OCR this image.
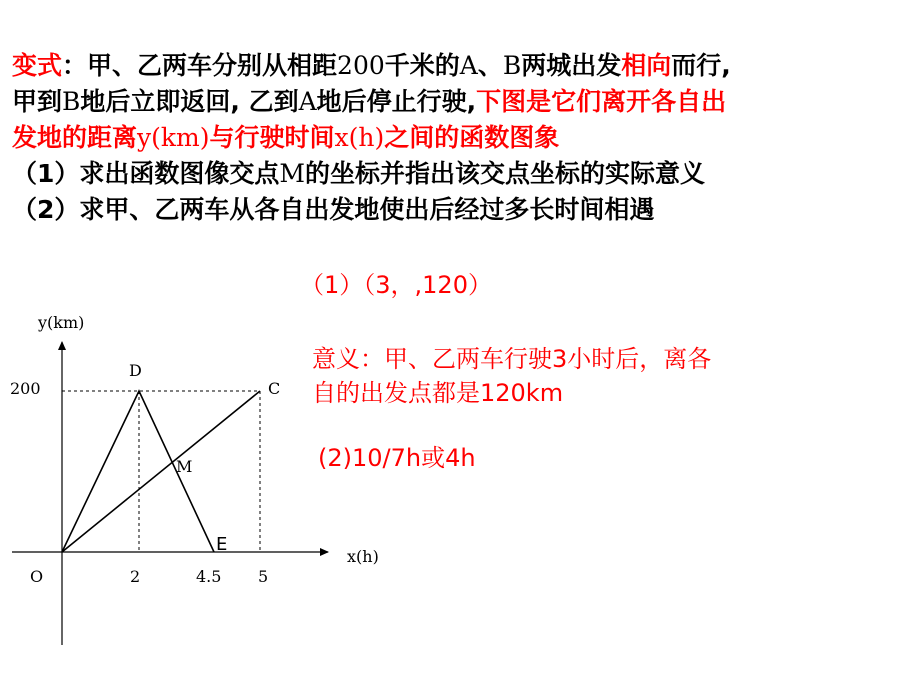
变式：甲、乙两车分别从相距200千米的A、B两城出发相向而行,
甲到B地后立即返回, 乙到A地后停止行驶,下图是它们离开各自出
发地的距离y(km)与行驶时间x(h)之间的函数图象
（1）求出函数图像交点M的坐标并指出该交点坐标的实际意义
（2）求甲、乙两车从各自出发地使出后经过多长时间相遇
（1）（3，,120）
意义：甲、乙两车行驶3小时后，离各
自的出发点都是120km
(2)10/7h或4h
y(km)
x(h)
O
200
2	4.5 5
D
C
M
E
